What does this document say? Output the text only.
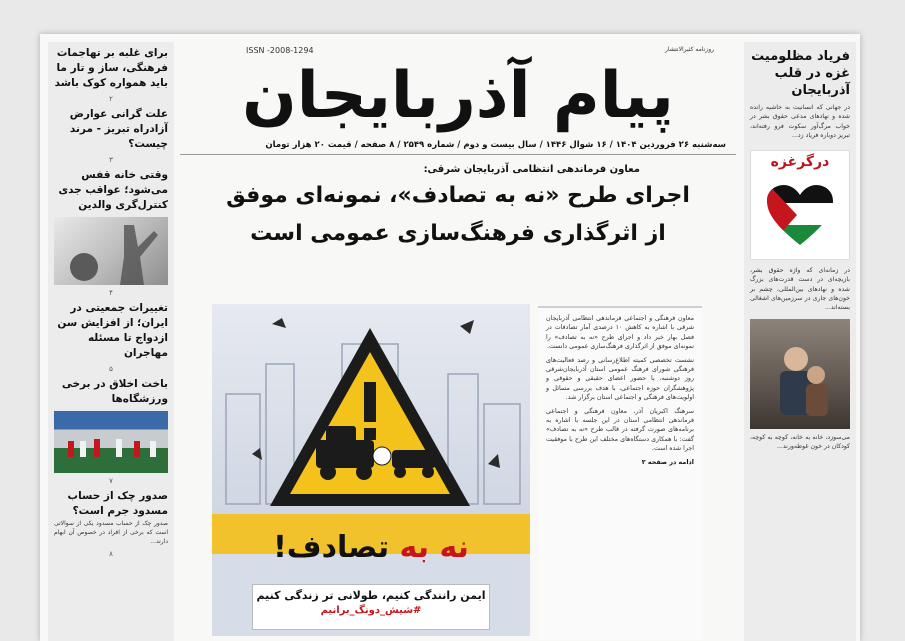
ISSN -2008-1294	روزنامه کثیرالانتشار
پیام آذربایجان
سه‌شنبه ۲۶ فروردین ۱۴۰۴ / ۱۶ شوال ۱۴۴۶ / سال بیست و دوم / شماره ۲۵۴۹ / ۸ صفحه / قیمت ۲۰ هزار تومان
معاون فرماندهی انتظامی آذربایجان شرقی:
اجرای طرح «نه به تصادف»، نمونه‌ای موفق
از اثرگذاری فرهنگ‌سازی عمومی است
نه به تصادف!
ایمن رانندگی کنیم، طولانی تر زندگی کنیم
#شیش_دونگ_برانیم

معاون فرهنگی و اجتماعی فرماندهی انتظامی آذربایجان شرقی با اشاره به کاهش ۱۰ درصدی آمار تصادفات در فصل بهار خبر داد و اجرای طرح «نه به تصادف» را نمونه‌ای موفق از اثرگذاری فرهنگ‌سازی عمومی دانست.

نشست تخصصی کمیته اطلاع‌رسانی و رصد فعالیت‌های فرهنگی شورای فرهنگ عمومی استان آذربایجان‌شرقی روز دوشنبه، با حضور اعضای حقیقی و حقوقی و پژوهشگران حوزه اجتماعی، با هدف بررسی مسائل و اولویت‌های فرهنگی و اجتماعی استان برگزار شد.

سرهنگ اکبریان آذر، معاون فرهنگی و اجتماعی فرماندهی انتظامی استان در این جلسه با اشاره به برنامه‌های صورت گرفته در قالب طرح «نه به تصادف» گفت: با همکاری دستگاه‌های مختلف این طرح با موفقیت اجرا شده است.

ادامه در صفحه ۲
فریاد مظلومیت غزه در قلب آذربایجان

در جهانی که انسانیت به حاشیه رانده شده و نهادهای مدعی حقوق بشر در خواب مرگ‌آور سکوت فرو رفته‌اند، تبریز دوباره فریاد زد...

درگرغزه

در زمانه‌ای که واژه حقوق بشر، بازیچه‌ای در دست قدرت‌های بزرگ شده و نهادهای بین‌المللی، چشم بر خون‌های جاری در سرزمین‌های اشغالی بسته‌اند...

می‌سوزد، خانه به خانه، کوچه به کوچه، کودکان در خون غوطه‌ورند...

برای غلبه بر تهاجمات فرهنگی، ساز و تار ما باید همواره کوک باشد
۲
علت گرانی عوارض آزادراه تبریز - مرند چیست؟
۳
وقتی خانه قفس می‌شود؛ عواقب جدی کنترل‌گری والدین
۴
تغییرات جمعیتی در ایران؛ از افزایش سن ازدواج تا مسئله مهاجران
۵
باخت اخلاق در برخی ورزشگاه‌ها
۷
صدور چک از حساب مسدود جرم است؟

صدور چک از حساب مسدود یکی از سوالاتی است که برخی از افراد در خصوص آن ابهام دارند...

۸
